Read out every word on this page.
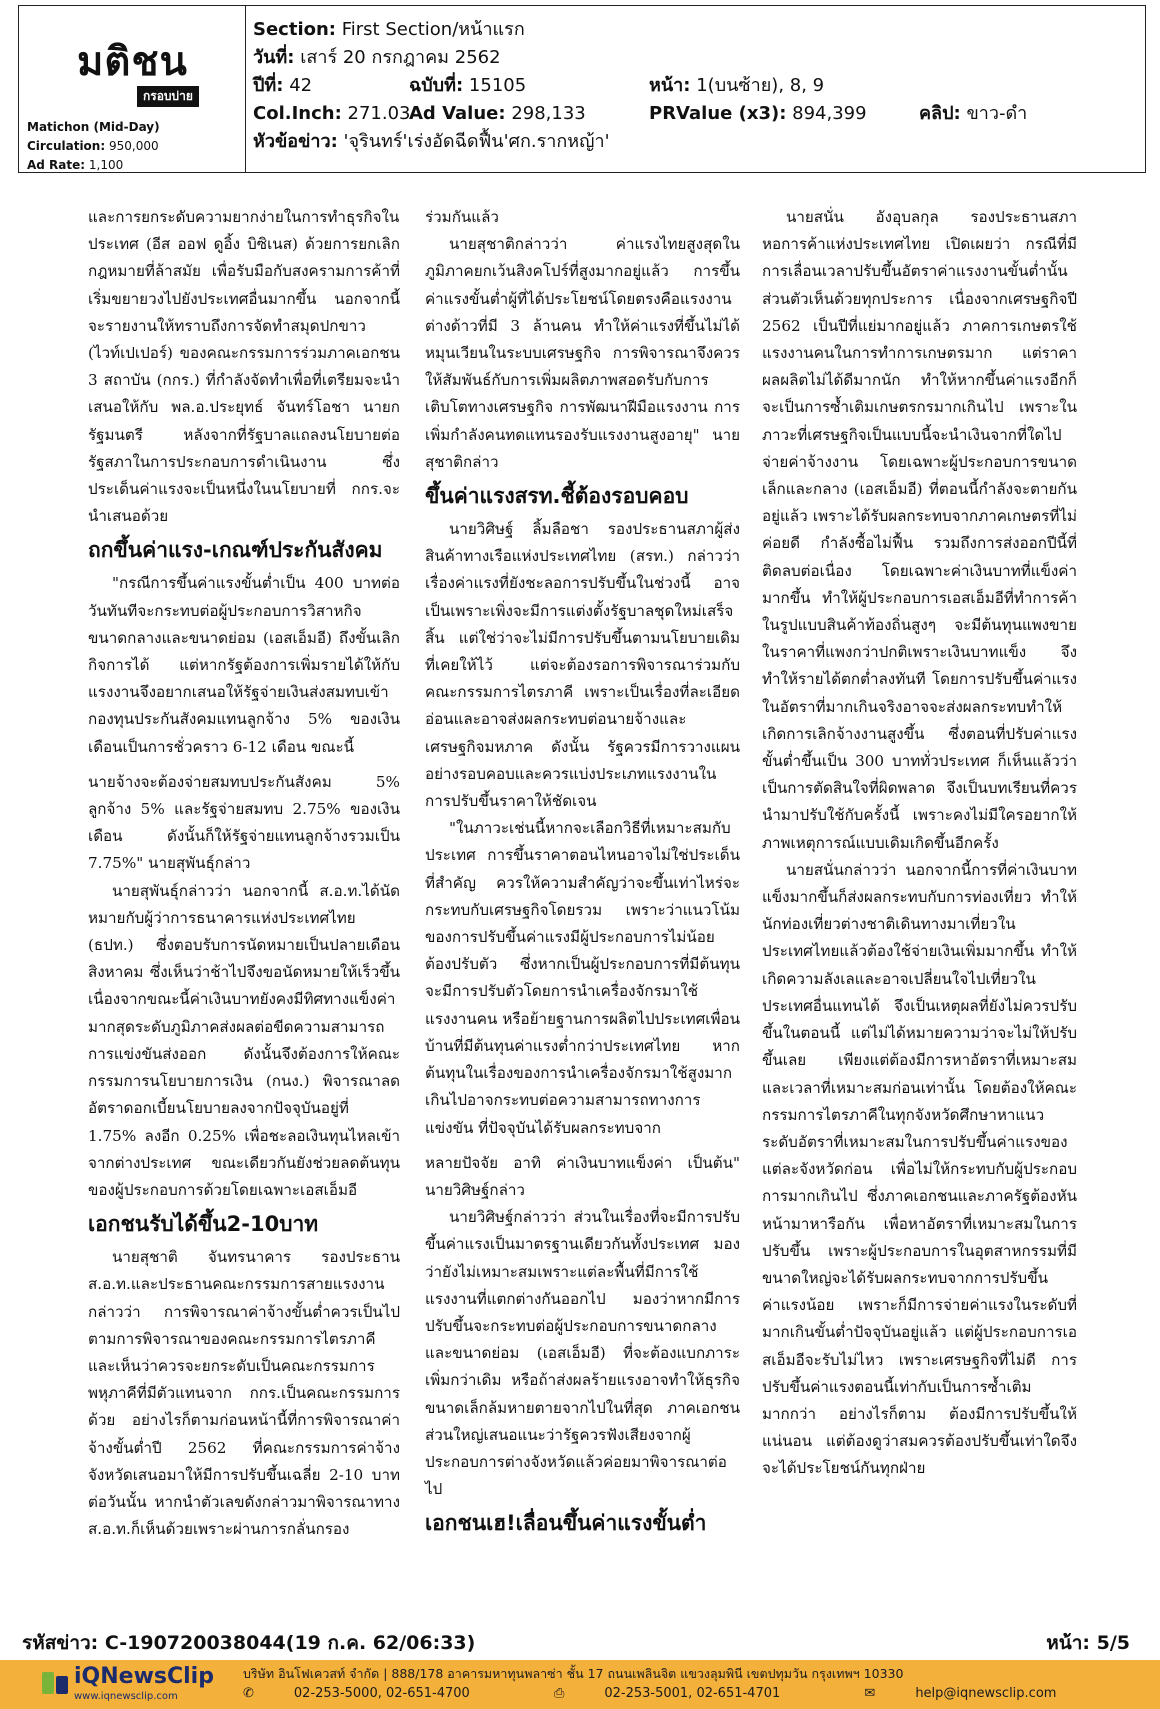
มติชน
กรอบบ่าย
Matichon (Mid-Day)
Circulation: 950,000
Ad Rate: 1,100
Section: First Section/หน้าแรก
วันที่: เสาร์ 20 กรกฎาคม 2562
ปีที่: 42	ฉบับที่: 15105	หน้า: 1(บนซ้าย), 8, 9
Col.Inch: 271.03
Ad Value: 298,133	PRValue (x3): 894,399	คลิป: ขาว-ดำ
หัวข้อข่าว: 'จุรินทร์'เร่งอัดฉีดฟื้น'ศก.รากหญ้า'

และการยกระดับความยากง่ายในการทำธุรกิจในประเทศ (อีส ออฟ ดูอิ้ง บิซิเนส) ด้วยการยกเลิกกฎหมายที่ล้าสมัย เพื่อรับมือกับสงครามการค้าที่เริ่มขยายวงไปยังประเทศอื่นมากขึ้น นอกจากนี้จะรายงานให้ทราบถึงการจัดทำสมุดปกขาว (ไวท์เปเปอร์) ของคณะกรรมการร่วมภาคเอกชน 3 สถาบัน (กกร.) ที่กำลังจัดทำเพื่อที่เตรียมจะนำเสนอให้กับ พล.อ.ประยุทธ์ จันทร์โอชา นายกรัฐมนตรี หลังจากที่รัฐบาลแถลงนโยบายต่อรัฐสภาในการประกอบการดำเนินงาน ซึ่งประเด็นค่าแรงจะเป็นหนึ่งในนโยบายที่ กกร.จะนำเสนอด้วย

ถกขึ้นค่าแรง-เกณฑ์ประกันสังคม

"กรณีการขึ้นค่าแรงขั้นต่ำเป็น 400 บาทต่อวันทันทีจะกระทบต่อผู้ประกอบการวิสาหกิจขนาดกลางและขนาดย่อม (เอสเอ็มอี) ถึงขั้นเลิกกิจการได้ แต่หากรัฐต้องการเพิ่มรายได้ให้กับแรงงานจึงอยากเสนอให้รัฐจ่ายเงินส่งสมทบเข้ากองทุนประกันสังคมแทนลูกจ้าง 5% ของเงินเดือนเป็นการชั่วคราว 6-12 เดือน ขณะนี้

นายจ้างจะต้องจ่ายสมทบประกันสังคม 5% ลูกจ้าง 5% และรัฐจ่ายสมทบ 2.75% ของเงินเดือน ดังนั้นก็ให้รัฐจ่ายแทนลูกจ้างรวมเป็น 7.75%" นายสุพันธุ์กล่าว

นายสุพันธุ์กล่าวว่า นอกจากนี้ ส.อ.ท.ได้นัดหมายกับผู้ว่าการธนาคารแห่งประเทศไทย (ธปท.) ซึ่งตอบรับการนัดหมายเป็นปลายเดือนสิงหาคม ซึ่งเห็นว่าช้าไปจึงขอนัดหมายให้เร็วขึ้น เนื่องจากขณะนี้ค่าเงินบาทยังคงมีทิศทางแข็งค่ามากสุดระดับภูมิภาคส่งผลต่อขีดความสามารถการแข่งขันส่งออก ดังนั้นจึงต้องการให้คณะกรรมการนโยบายการเงิน (กนง.) พิจารณาลดอัตราดอกเบี้ยนโยบายลงจากปัจจุบันอยู่ที่ 1.75% ลงอีก 0.25% เพื่อชะลอเงินทุนไหลเข้าจากต่างประเทศ ขณะเดียวกันยังช่วยลดต้นทุนของผู้ประกอบการด้วยโดยเฉพาะเอสเอ็มอี

เอกชนรับได้ขึ้น2-10บาท

นายสุชาติ จันทรนาคาร รองประธาน ส.อ.ท.และประธานคณะกรรมการสายแรงงาน กล่าวว่า การพิจารณาค่าจ้างขั้นต่ำควรเป็นไปตามการพิจารณาของคณะกรรมการไตรภาคีและเห็นว่าควรจะยกระดับเป็นคณะกรรมการพหุภาคีที่มีตัวแทนจาก กกร.เป็นคณะกรรมการด้วย อย่างไรก็ตามก่อนหน้านี้ที่การพิจารณาค่าจ้างขั้นต่ำปี 2562 ที่คณะกรรมการค่าจ้างจังหวัดเสนอมาให้มีการปรับขึ้นเฉลี่ย 2-10 บาทต่อวันนั้น หากนำตัวเลขดังกล่าวมาพิจารณาทาง ส.อ.ท.ก็เห็นด้วยเพราะผ่านการกลั่นกรอง

ร่วมกันแล้ว

นายสุชาติกล่าวว่า ค่าแรงไทยสูงสุดในภูมิภาคยกเว้นสิงคโปร์ที่สูงมากอยู่แล้ว การขึ้นค่าแรงขั้นต่ำผู้ที่ได้ประโยชน์โดยตรงคือแรงงานต่างด้าวที่มี 3 ล้านคน ทำให้ค่าแรงที่ขึ้นไม่ได้หมุนเวียนในระบบเศรษฐกิจ การพิจารณาจึงควรให้สัมพันธ์กับการเพิ่มผลิตภาพสอดรับกับการเติบโตทางเศรษฐกิจ การพัฒนาฝีมือแรงงาน การเพิ่มกำลังคนทดแทนรองรับแรงงานสูงอายุ" นายสุชาติกล่าว

ขึ้นค่าแรงสรท.ชี้ต้องรอบคอบ

นายวิศิษฐ์ ลิ้มลือชา รองประธานสภาผู้ส่งสินค้าทางเรือแห่งประเทศไทย (สรท.) กล่าวว่า เรื่องค่าแรงที่ยังชะลอการปรับขึ้นในช่วงนี้ อาจเป็นเพราะเพิ่งจะมีการแต่งตั้งรัฐบาลชุดใหม่เสร็จสิ้น แต่ใช่ว่าจะไม่มีการปรับขึ้นตามนโยบายเดิมที่เคยให้ไว้ แต่จะต้องรอการพิจารณาร่วมกับคณะกรรมการไตรภาคี เพราะเป็นเรื่องที่ละเอียดอ่อนและอาจส่งผลกระทบต่อนายจ้างและเศรษฐกิจมหภาค ดังนั้น รัฐควรมีการวางแผนอย่างรอบคอบและควรแบ่งประเภทแรงงานในการปรับขึ้นราคาให้ชัดเจน

"ในภาวะเช่นนี้หากจะเลือกวิธีที่เหมาะสมกับประเทศ การขึ้นราคาตอนไหนอาจไม่ใช่ประเด็นที่สำคัญ ควรให้ความสำคัญว่าจะขึ้นเท่าไหร่จะกระทบกับเศรษฐกิจโดยรวม เพราะว่าแนวโน้มของการปรับขึ้นค่าแรงมีผู้ประกอบการไม่น้อยต้องปรับตัว ซึ่งหากเป็นผู้ประกอบการที่มีต้นทุน จะมีการปรับตัวโดยการนำเครื่องจักรมาใช้แรงงานคน หรือย้ายฐานการผลิตไปประเทศเพื่อนบ้านที่มีต้นทุนค่าแรงต่ำกว่าประเทศไทย หากต้นทุนในเรื่องของการนำเครื่องจักรมาใช้สูงมากเกินไปอาจกระทบต่อความสามารถทางการแข่งขัน ที่ปัจจุบันได้รับผลกระทบจาก

หลายปัจจัย อาทิ ค่าเงินบาทแข็งค่า เป็นต้น" นายวิศิษฐ์กล่าว

นายวิศิษฐ์กล่าวว่า ส่วนในเรื่องที่จะมีการปรับขึ้นค่าแรงเป็นมาตรฐานเดียวกันทั้งประเทศ มองว่ายังไม่เหมาะสมเพราะแต่ละพื้นที่มีการใช้แรงงานที่แตกต่างกันออกไป มองว่าหากมีการปรับขึ้นจะกระทบต่อผู้ประกอบการขนาดกลางและขนาดย่อม (เอสเอ็มอี) ที่จะต้องแบกภาระเพิ่มกว่าเดิม หรือถ้าส่งผลร้ายแรงอาจทำให้ธุรกิจขนาดเล็กล้มหายตายจากไปในที่สุด ภาคเอกชนส่วนใหญ่เสนอแนะว่ารัฐควรฟังเสียงจากผู้ประกอบการต่างจังหวัดแล้วค่อยมาพิจารณาต่อไป

เอกชนเฮ!เลื่อนขึ้นค่าแรงขั้นต่ำ

นายสนั่น อังอุบลกุล รองประธานสภาหอการค้าแห่งประเทศไทย เปิดเผยว่า กรณีที่มีการเลื่อนเวลาปรับขึ้นอัตราค่าแรงงานขั้นต่ำนั้นส่วนตัวเห็นด้วยทุกประการ เนื่องจากเศรษฐกิจปี 2562 เป็นปีที่แย่มากอยู่แล้ว ภาคการเกษตรใช้แรงงานคนในการทำการเกษตรมาก แต่ราคาผลผลิตไม่ได้ดีมากนัก ทำให้หากขึ้นค่าแรงอีกก็จะเป็นการซ้ำเติมเกษตรกรมากเกินไป เพราะในภาวะที่เศรษฐกิจเป็นแบบนี้จะนำเงินจากที่ใดไปจ่ายค่าจ้างงาน โดยเฉพาะผู้ประกอบการขนาดเล็กและกลาง (เอสเอ็มอี) ที่ตอนนี้กำลังจะตายกันอยู่แล้ว เพราะได้รับผลกระทบจากภาคเกษตรที่ไม่ค่อยดี กำลังซื้อไม่ฟื้น รวมถึงการส่งออกปีนี้ที่ติดลบต่อเนื่อง โดยเฉพาะค่าเงินบาทที่แข็งค่ามากขึ้น ทำให้ผู้ประกอบการเอสเอ็มอีที่ทำการค้าในรูปแบบสินค้าท้องถิ่นสูงๆ จะมีต้นทุนแพงขายในราคาที่แพงกว่าปกติเพราะเงินบาทแข็ง จึงทำให้รายได้ตกต่ำลงทันที โดยการปรับขึ้นค่าแรงในอัตราที่มากเกินจริงอาจจะส่งผลกระทบทำให้เกิดการเลิกจ้างงานสูงขึ้น ซึ่งตอนที่ปรับค่าแรงขั้นต่ำขึ้นเป็น 300 บาททั่วประเทศ ก็เห็นแล้วว่าเป็นการตัดสินใจที่ผิดพลาด จึงเป็นบทเรียนที่ควรนำมาปรับใช้กับครั้งนี้ เพราะคงไม่มีใครอยากให้ภาพเหตุการณ์แบบเดิมเกิดขึ้นอีกครั้ง

นายสนั่นกล่าวว่า นอกจากนี้การที่ค่าเงินบาทแข็งมากขึ้นก็ส่งผลกระทบกับการท่องเที่ยว ทำให้นักท่องเที่ยวต่างชาติเดินทางมาเที่ยวในประเทศไทยแล้วต้องใช้จ่ายเงินเพิ่มมากขึ้น ทำให้เกิดความลังเลและอาจเปลี่ยนใจไปเที่ยวในประเทศอื่นแทนได้ จึงเป็นเหตุผลที่ยังไม่ควรปรับขึ้นในตอนนี้ แต่ไม่ได้หมายความว่าจะไม่ให้ปรับขึ้นเลย เพียงแต่ต้องมีการหาอัตราที่เหมาะสมและเวลาที่เหมาะสมก่อนเท่านั้น โดยต้องให้คณะกรรมการไตรภาคีในทุกจังหวัดศึกษาหาแนวระดับอัตราที่เหมาะสมในการปรับขึ้นค่าแรงของแต่ละจังหวัดก่อน เพื่อไม่ให้กระทบกับผู้ประกอบการมากเกินไป ซึ่งภาคเอกชนและภาครัฐต้องหันหน้ามาหารือกัน เพื่อหาอัตราที่เหมาะสมในการปรับขึ้น เพราะผู้ประกอบการในอุตสาหกรรมที่มีขนาดใหญ่จะได้รับผลกระทบจากการปรับขึ้นค่าแรงน้อย เพราะก็มีการจ่ายค่าแรงในระดับที่มากเกินขั้นต่ำปัจจุบันอยู่แล้ว แต่ผู้ประกอบการเอสเอ็มอีจะรับไม่ไหว เพราะเศรษฐกิจที่ไม่ดี การปรับขึ้นค่าแรงตอนนี้เท่ากับเป็นการซ้ำเติมมากกว่า อย่างไรก็ตาม ต้องมีการปรับขึ้นให้แน่นอน แต่ต้องดูว่าสมควรต้องปรับขึ้นเท่าใดจึงจะได้ประโยชน์กันทุกฝ่าย

รหัสข่าว: C-190720038044(19 ก.ค. 62/06:33)	หน้า: 5/5
iQNewsClip
www.iqnewsclip.com
บริษัท อินโฟเควสท์ จำกัด | 888/178 อาคารมหาทุนพลาซ่า ชั้น 17 ถนนเพลินจิต แขวงลุมพินี เขตปทุมวัน กรุงเทพฯ 10330
✆	02-253-5000, 02-651-4700	⎙	02-253-5001, 02-651-4701	✉	help@iqnewsclip.com
